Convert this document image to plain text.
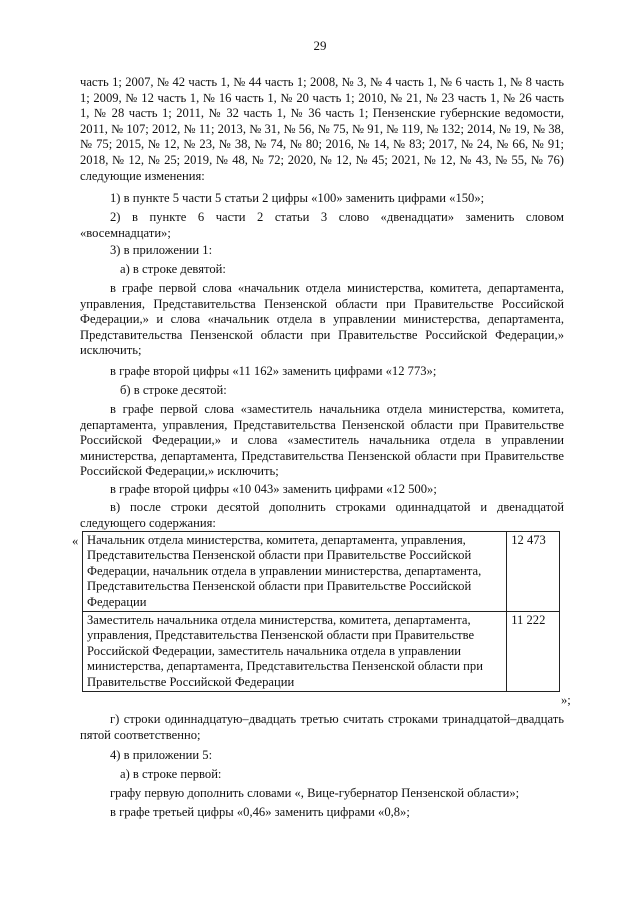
29

часть 1; 2007, № 42 часть 1, № 44 часть 1; 2008, № 3, № 4 часть 1, № 6 часть 1, № 8 часть 1; 2009, № 12 часть 1, № 16 часть 1, № 20 часть 1; 2010, № 21, № 23 часть 1, № 26 часть 1, № 28 часть 1; 2011, № 32 часть 1, № 36 часть 1; Пензенские губернские ведомости, 2011, № 107; 2012, № 11; 2013, № 31, № 56, № 75, № 91, № 119, № 132; 2014, № 19, № 38, № 75; 2015, № 12, № 23, № 38, № 74, № 80; 2016, № 14, № 83; 2017, № 24, № 66, № 91; 2018, № 12, № 25; 2019, № 48, № 72; 2020, № 12, № 45; 2021, № 12, № 43, № 55, № 76) следующие изменения:

1) в пункте 5 части 5 статьи 2 цифры «100» заменить цифрами «150»;

2) в пункте 6 части 2 статьи 3 слово «двенадцати» заменить словом «восемнадцати»;

3) в приложении 1:
а) в строке девятой:

в графе первой слова «начальник отдела министерства, комитета, департамента, управления, Представительства Пензенской области при Правительстве Российской Федерации,» и слова «начальник отдела в управлении министерства, департамента, Представительства Пензенской области при Правительстве Российской Федерации,» исключить;

в графе второй цифры «11 162» заменить цифрами «12 773»;
б) в строке десятой:

в графе первой слова «заместитель начальника отдела министерства, комитета, департамента, управления, Представительства Пензенской области при Правительстве Российской Федерации,» и слова «заместитель начальника отдела в управлении министерства, департамента, Представительства Пензенской области при Правительстве Российской Федерации,» исключить;

в графе второй цифры «10 043» заменить цифрами «12 500»;

в) после строки десятой дополнить строками одиннадцатой и двенадцатой следующего содержания:

« Начальник отдела министерства, комитета, департамента, управления, Представительства Пензенской области при Правительстве Российской Федерации, начальник отдела в управлении министерства, департамента, Представительства Пензенской области при Правительстве Российской Федерации	12 473
Заместитель начальника отдела министерства, комитета, департамента, управления, Представительства Пензенской области при Правительстве Российской Федерации, заместитель начальника отдела в управлении министерства, департамента, Представительства Пензенской области при Правительстве Российской Федерации	11 222
»;

г) строки одиннадцатую–двадцать третью считать строками тринадцатой–двадцать пятой соответственно;

4) в приложении 5:
а) в строке первой:
графу первую дополнить словами «, Вице-губернатор Пензенской области»;
в графе третьей цифры «0,46» заменить цифрами «0,8»;
